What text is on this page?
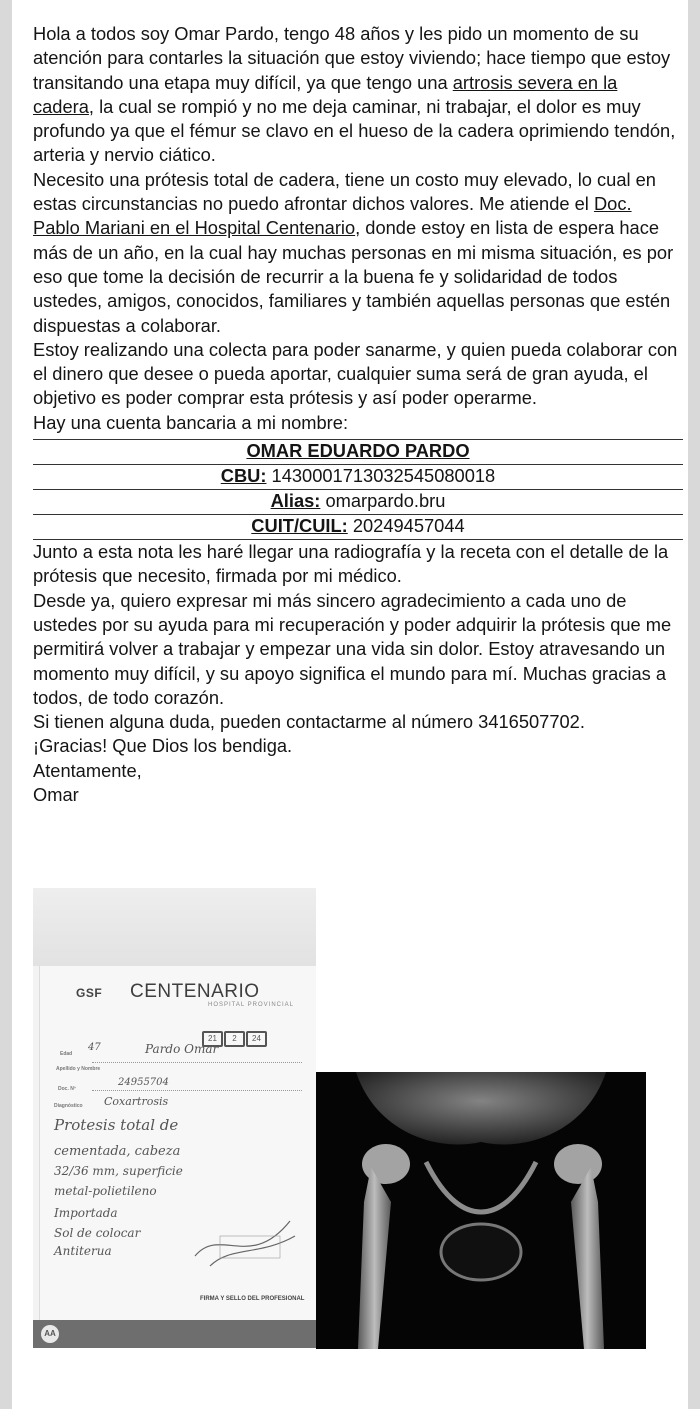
Hola a todos soy Omar Pardo, tengo 48 años y les pido un momento de su atención para contarles la situación que estoy viviendo; hace tiempo que estoy transitando una etapa muy difícil, ya que tengo una artrosis severa en la cadera, la cual se rompió y no me deja caminar, ni trabajar, el dolor es muy profundo ya que el fémur se clavo en el hueso de la cadera oprimiendo tendón, arteria y nervio ciático.

Necesito una prótesis total de cadera, tiene un costo muy elevado, lo cual en estas circunstancias no puedo afrontar dichos valores. Me atiende el Doc. Pablo Mariani en el Hospital Centenario, donde estoy en lista de espera hace más de un año, en la cual hay muchas personas en mi misma situación, es por eso que tome la decisión de recurrir a la buena fe y solidaridad de todos ustedes, amigos, conocidos, familiares y también aquellas personas que estén dispuestas a colaborar.

Estoy realizando una colecta para poder sanarme, y quien pueda colaborar con el dinero que desee o pueda aportar, cualquier suma será de gran ayuda, el objetivo es poder comprar esta prótesis y así poder operarme.

Hay una cuenta bancaria a mi nombre:

OMAR EDUARDO PARDO
CBU: 1430001713032545080018
Alias: omarpardo.bru
CUIT/CUIL: 20249457044

Junto a esta nota les haré llegar una radiografía y la receta con el detalle de la prótesis que necesito, firmada por mi médico.

Desde ya, quiero expresar mi más sincero agradecimiento a cada uno de ustedes por su ayuda para mi recuperación y poder adquirir la prótesis que me permitirá volver a trabajar y empezar una vida sin dolor. Estoy atravesando un momento muy difícil, y su apoyo significa el mundo para mí. Muchas gracias a todos, de todo corazón.

Si tienen alguna duda, pueden contactarme al número 3416507702.

¡Gracias! Que Dios los bendiga.

Atentamente,

Omar

GSF CENTENARIO
HOSPITAL PROVINCIAL
21 2 24
Edad
47	Pardo Omar
Apellido y Nombre
Doc. Nº
24955704
Diagnóstico Coxartrosis
Protesis total de
cementada, cabeza
32/36 mm, superficie
metal-polietileno
Importada
Sol de colocar
Antiterua
FIRMA Y SELLO DEL PROFESIONAL
AA
